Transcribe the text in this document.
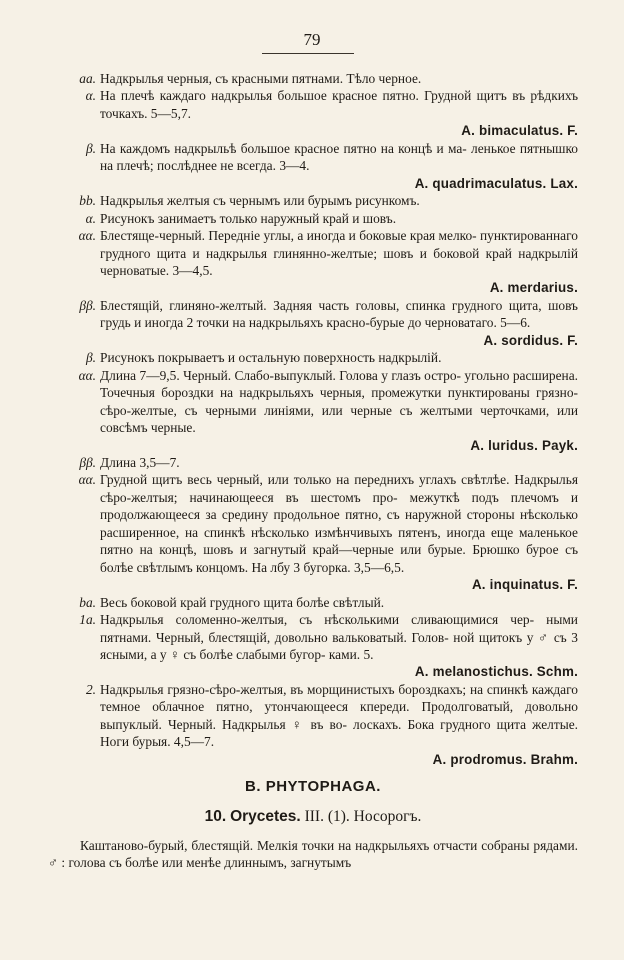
79
aa. Надкрылья черныя, съ красными пятнами. Тѣло черное.
α. На плечѣ каждаго надкрылья большое красное пятно. Грудной щитъ въ рѣдкихъ точкахъ. 5—5,7.
A. bimaculatus. F.
β. На каждомъ надкрыльѣ большое красное пятно на концѣ и ма- ленькое пятнышко на плечѣ; послѣднее не всегда. 3—4.
A. quadrimaculatus. Lax.
bb. Надкрылья желтыя съ чернымъ или бурымъ рисункомъ.
α. Рисунокъ занимаетъ только наружный край и шовъ.
αα. Блестяще-черный. Передніе углы, а иногда и боковые края мелко- пунктированнаго грудного щита и надкрылья глинянно-желтые; шовъ и боковой край надкрылій черноватые. 3—4,5.
A. merdarius.
ββ. Блестящій, глиняно-желтый. Задняя часть головы, спинка грудного щита, шовъ грудь и иногда 2 точки на надкрыльяхъ красно-бурые до черноватаго. 5—6.
A. sordidus. F.
β. Рисунокъ покрываетъ и остальную поверхность надкрылій.
αα. Длина 7—9,5. Черный. Слабо-выпуклый. Голова у глазъ остро- угольно расширена. Точечныя бороздки на надкрыльяхъ черныя, промежутки пунктированы грязно-сѣро-желтые, съ черными линіями, или черные съ желтыми черточками, или совсѣмъ черные.
A. luridus. Payk.
ββ. Длина 3,5—7.
αα. Грудной щитъ весь черный, или только на переднихъ углахъ свѣтлѣе. Надкрылья сѣро-желтыя; начинающееся въ шестомъ про- межуткѣ подъ плечомъ и продолжающееся за средину продольное пятно, съ наружной стороны нѣсколько расширенное, на спинкѣ нѣсколько измѣнчивыхъ пятенъ, иногда еще маленькое пятно на концѣ, шовъ и загнутый край—черные или бурые. Брюшко бурое съ болѣе свѣтлымъ концомъ. На лбу 3 бугорка. 3,5—6,5.
A. inquinatus. F.
bа. Весь боковой край грудного щита болѣе свѣтлый.
1a. Надкрылья соломенно-желтыя, съ нѣсколькими сливающимися чер- ными пятнами. Черный, блестящій, довольно вальковатый. Голов- ной щитокъ у ♂ съ 3 ясными, а у ♀ съ болѣе слабыми бугор- ками. 5.
A. melanostichus. Schm.
2. Надкрылья грязно-сѣро-желтыя, въ морщинистыхъ бороздкахъ; на спинкѣ каждаго темное облачное пятно, утончающееся кпереди. Продолговатый, довольно выпуклый. Черный. Надкрылья ♀ въ во- лоскахъ. Бока грудного щита желтые. Ноги бурыя. 4,5—7.
A. prodromus. Brahm.
B. PHYTOPHAGA.
10. Orycetes. III. (1). Носорогъ.
Каштаново-бурый, блестящій. Мелкія точки на надкрыльяхъ отчасти собраны рядами. ♂ : голова съ болѣе или менѣе длиннымъ, загнутымъ
